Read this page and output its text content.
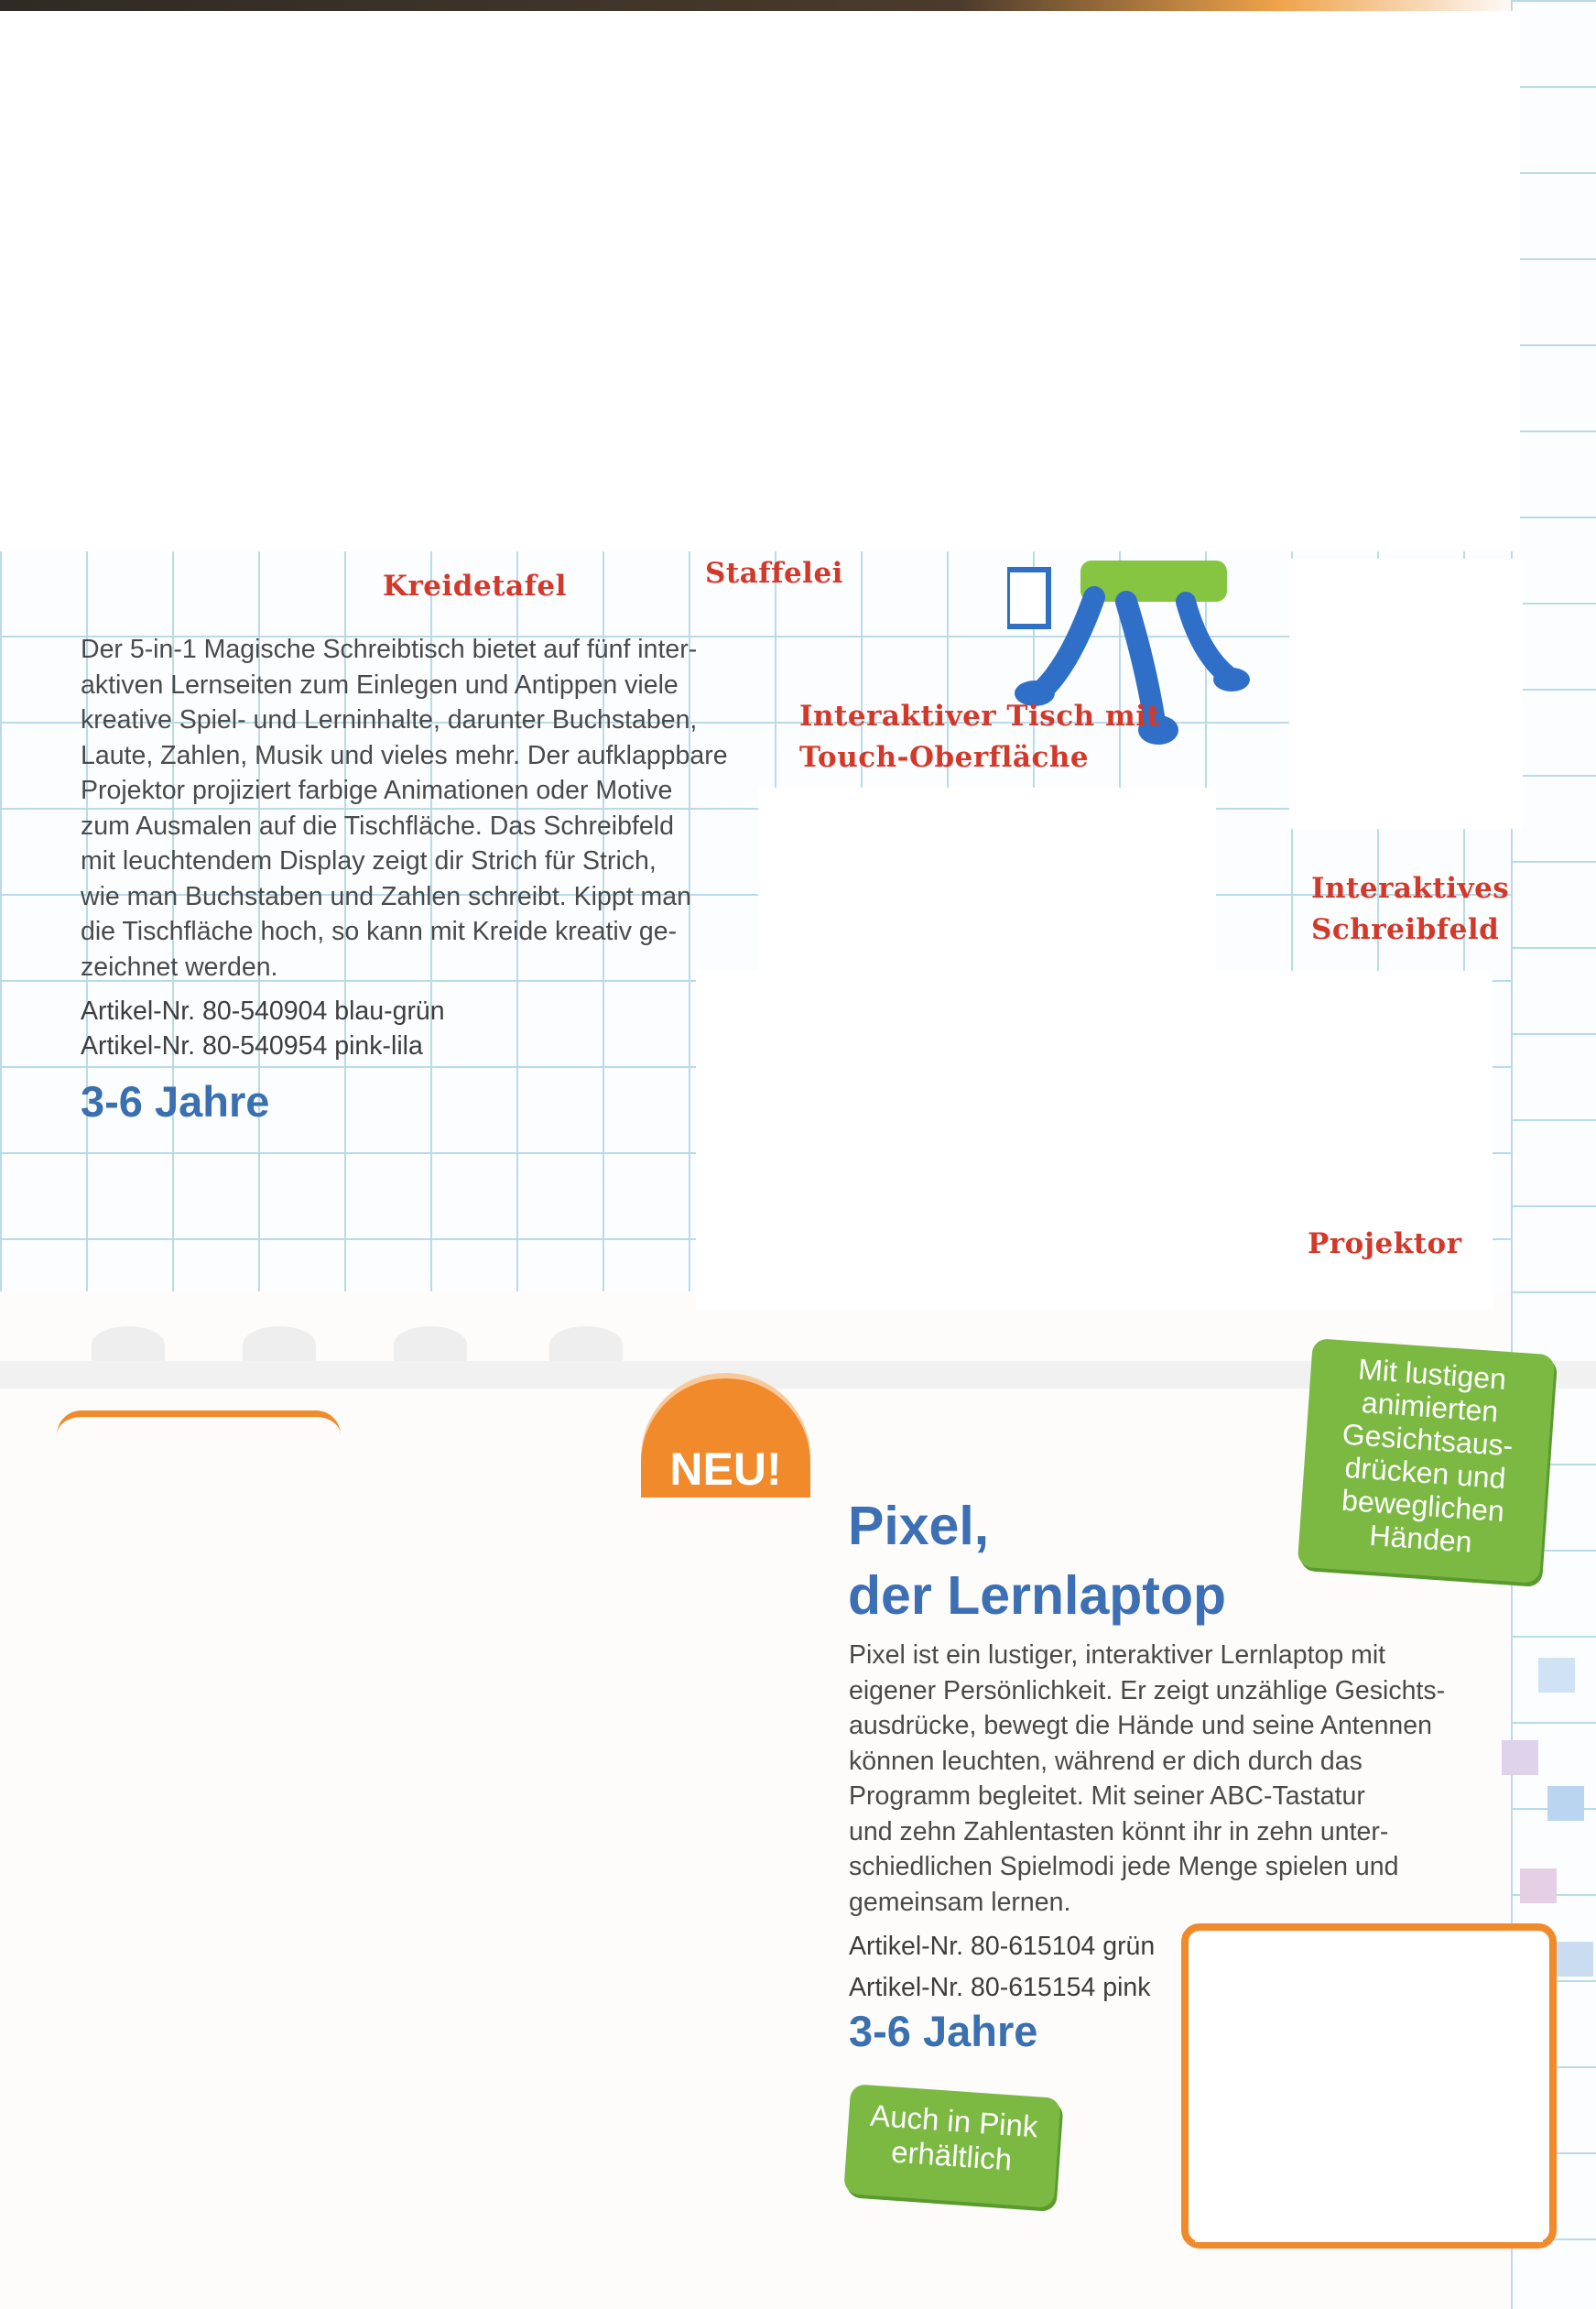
Kreidetafel	Staffelei
Interaktiver Tisch mit
Touch-Oberfläche
Interaktives
Schreibfeld
Projektor
Der 5-in-1 Magische Schreibtisch bietet auf fünf inter-
aktiven Lernseiten zum Einlegen und Antippen viele
kreative Spiel- und Lerninhalte, darunter Buchstaben,
Laute, Zahlen, Musik und vieles mehr. Der aufklappbare
Projektor projiziert farbige Animationen oder Motive
zum Ausmalen auf die Tischfläche. Das Schreibfeld
mit leuchtendem Display zeigt dir Strich für Strich,
wie man Buchstaben und Zahlen schreibt. Kippt man
die Tischfläche hoch, so kann mit Kreide kreativ ge-
zeichnet werden.
Artikel-Nr. 80-540904 blau-grün
Artikel-Nr. 80-540954 pink-lila
3-6 Jahre
NEU!
Pixel,
der Lernlaptop
Mit lustigen
animierten
Gesichtsaus-
drücken und
beweglichen
Händen
Pixel ist ein lustiger, interaktiver Lernlaptop mit
eigener Persönlichkeit. Er zeigt unzählige Gesichts-
ausdrücke, bewegt die Hände und seine Antennen
können leuchten, während er dich durch das
Programm begleitet. Mit seiner ABC-Tastatur
und zehn Zahlentasten könnt ihr in zehn unter-
schiedlichen Spielmodi jede Menge spielen und
gemeinsam lernen.
Artikel-Nr. 80-615104 grün
Artikel-Nr. 80-615154 pink
3-6 Jahre
Auch in Pink
erhältlich
